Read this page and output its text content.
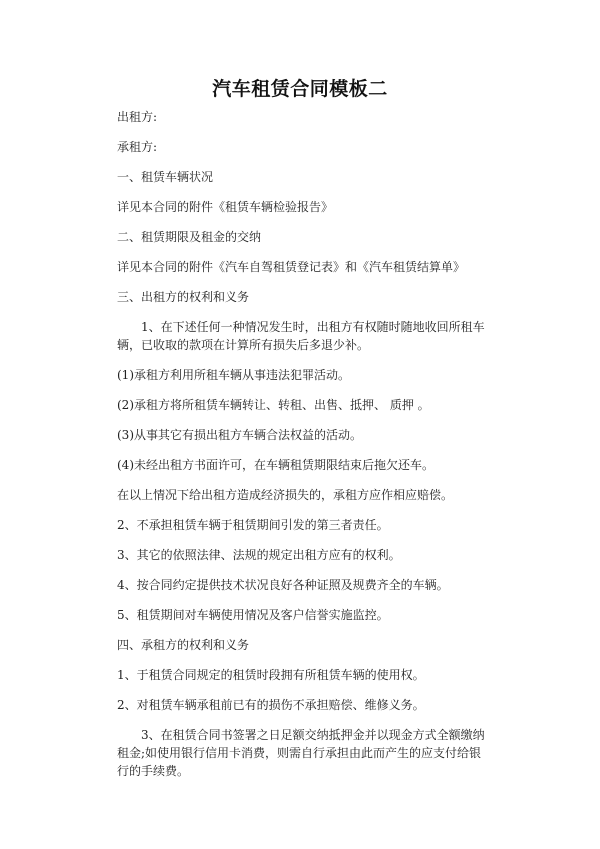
汽车租赁合同模板二

出租方:

承租方:

一、租赁车辆状况

详见本合同的附件《租赁车辆检验报告》

二、租赁期限及租金的交纳

详见本合同的附件《汽车自驾租赁登记表》和《汽车租赁结算单》

三、出租方的权利和义务

1、在下述任何一种情况发生时，出租方有权随时随地收回所租车辆，已收取的款项在计算所有损失后多退少补。

(1)承租方利用所租车辆从事违法犯罪活动。

(2)承租方将所租赁车辆转让、转租、出售、抵押、 质押 。

(3)从事其它有损出租方车辆合法权益的活动。

(4)未经出租方书面许可，在车辆租赁期限结束后拖欠还车。

在以上情况下给出租方造成经济损失的，承租方应作相应赔偿。

2、不承担租赁车辆于租赁期间引发的第三者责任。

3、其它的依照法律、法规的规定出租方应有的权利。

4、按合同约定提供技术状况良好各种证照及规费齐全的车辆。

5、租赁期间对车辆使用情况及客户信誉实施监控。

四、承租方的权利和义务

1、于租赁合同规定的租赁时段拥有所租赁车辆的使用权。

2、对租赁车辆承租前已有的损伤不承担赔偿、维修义务。

3、在租赁合同书签署之日足额交纳抵押金并以现金方式全额缴纳租金;如使用银行信用卡消费，则需自行承担由此而产生的应支付给银行的手续费。
